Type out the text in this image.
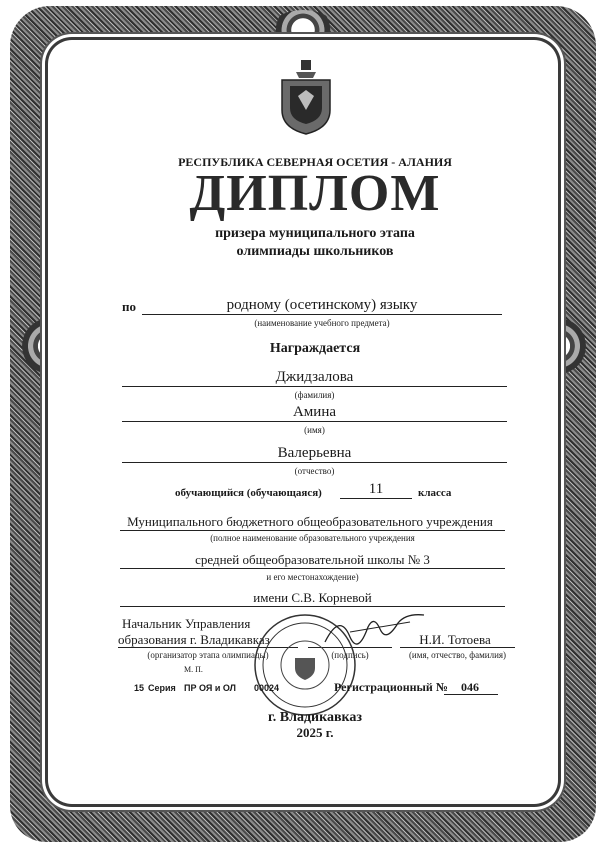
РЕСПУБЛИКА СЕВЕРНАЯ ОСЕТИЯ - АЛАНИЯ
ДИПЛОМ
призера муниципального этапа
олимпиады школьников
по	родному (осетинскому) языку
(наименование учебного предмета)
Награждается
Джидзалова
(фамилия)
Амина
(имя)
Валерьевна
(отчество)
обучающийся (обучающаяся)	11	класса
Муниципального бюджетного общеобразовательного учреждения
(полное наименование образовательного учреждения
средней общеобразовательной школы № 3
и его местонахождение)
имени С.В. Корневой
Начальник Управления
образования г. Владикавказ
(организатор этапа олимпиады)	(подпись)
Н.И. Тотоева
(имя, отчество, фамилия)
М. П.
15 Серия ПР ОЯ и ОЛ 00024	Регистрационный №	046
г. Владикавказ
2025 г.
